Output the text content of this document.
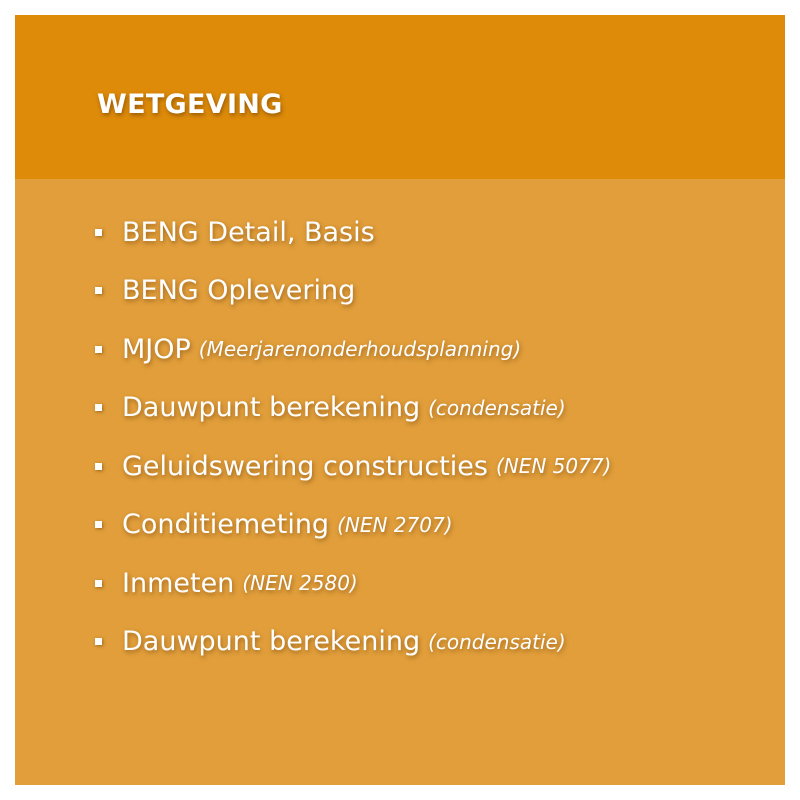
WETGEVING
BENG Detail, Basis
BENG Oplevering
MJOP (Meerjarenonderhoudsplanning)
Dauwpunt berekening (condensatie)
Geluidswering constructies (NEN 5077)
Conditiemeting (NEN 2707)
Inmeten (NEN 2580)
Dauwpunt berekening (condensatie)
